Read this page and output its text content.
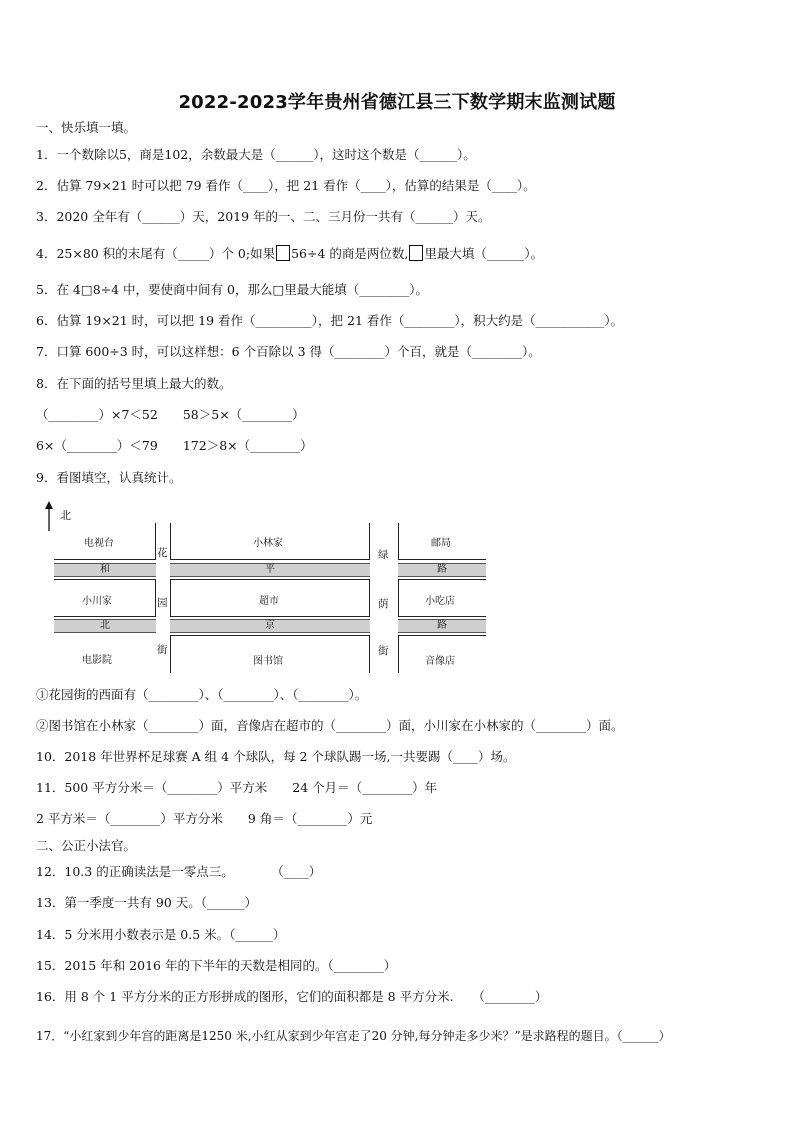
2022-2023学年贵州省德江县三下数学期末监测试题
一、快乐填一填。
1．一个数除以5，商是102，余数最大是（______），这时这个数是（______）。
2．估算 79×21 时可以把 79 看作（____），把 21 看作（____），估算的结果是（____）。
3．2020 全年有（______）天，2019 年的一、二、三月份一共有（______）天。
4．25×80 积的末尾有（_____）个 0;如果 56÷4 的商是两位数, 里最大填（______）。
5．在 4□8÷4 中，要使商中间有 0，那么□里最大能填（________）。
6．估算 19×21 时，可以把 19 看作（_________），把 21 看作（________），积大约是（___________）。
7．口算 600÷3 时，可以这样想：6 个百除以 3 得（________）个百，就是（________）。
8．在下面的括号里填上最大的数。
（________）×7＜52　　58＞5×（________）
6×（________）＜79　　172＞8×（________）
9．看图填空，认真统计。
北
电视台	小林家	邮局
和	平	路
小川家	超市	小吃店
北	京	路
电影院	图书馆	音像店
花
园
街
绿
荫
街
①花园街的西面有（________）、（________）、（________）。
②图书馆在小林家（________）面，音像店在超市的（________）面，小川家在小林家的（________）面。
10．2018 年世界杯足球赛 A 组 4 个球队，每 2 个球队踢一场,一共要踢（____）场。
11．500 平方分米＝（________）平方米　　24 个月＝（________）年
2 平方米＝（________）平方分米　　9 角＝（________）元
二、公正小法官。
12．10.3 的正确读法是一零点三。　　　　（____）
13．第一季度一共有 90 天。（______）
14．5 分米用小数表示是 0.5 米。（______）
15．2015 年和 2016 年的下半年的天数是相同的。（________）
16．用 8 个 1 平方分米的正方形拼成的图形，它们的面积都是 8 平方分米.　　（________）
17．“小红家到少年宫的距离是1250 米,小红从家到少年宫走了20 分钟,每分钟走多少米？”是求路程的题目。（______）
